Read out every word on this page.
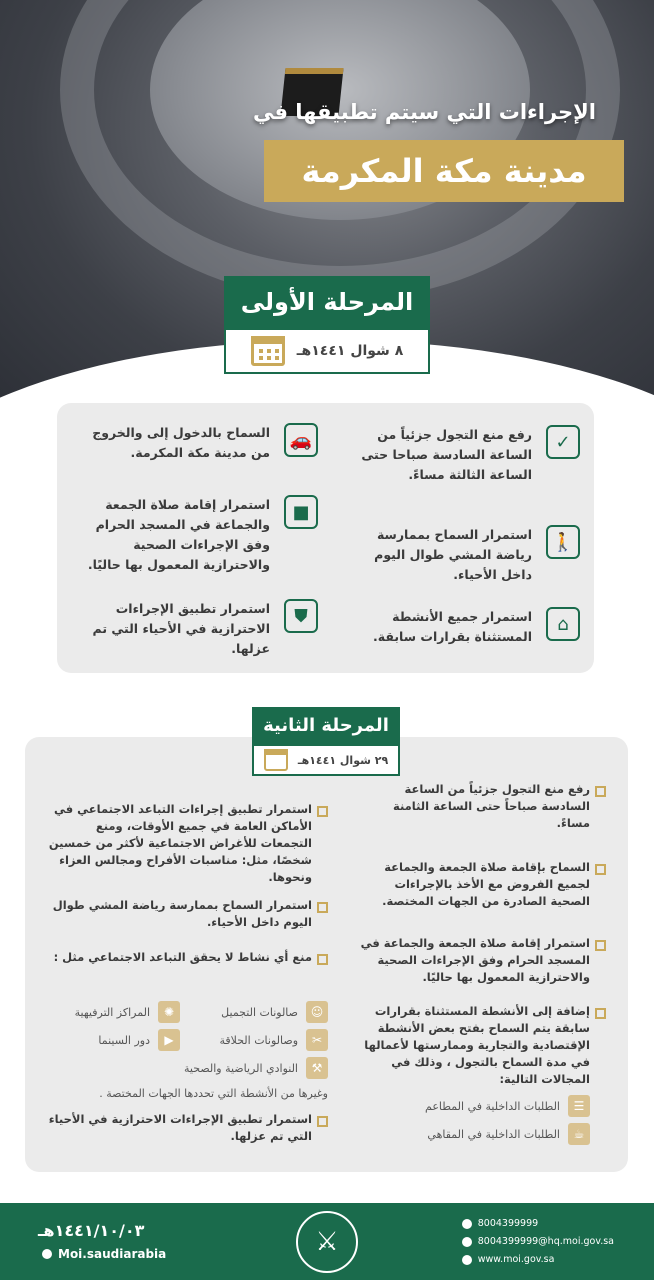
الإجراءات التي سيتم تطبيقها في
مدينة مكة المكرمة
المرحلة الأولى
٨ شوال ١٤٤١هـ
✓
رفع منع التجول جزئياً من الساعة السادسة صباحا حتى الساعة الثالثة مساءً.
🚗
السماح بالدخول إلى والخروج من مدينة مكة المكرمة.
🚶
استمرار السماح بممارسة رياضة المشي طوال اليوم داخل الأحياء.
■
استمرار إقامة صلاة الجمعة والجماعة في المسجد الحرام وفق الإجراءات الصحية والاحترازية المعمول بها حاليًا.
⌂
استمرار جميع الأنشطة المستثناة بقرارات سابقة.
⛊
استمرار تطبيق الإجراءات الاحترازية في الأحياء التي تم عزلها.
رفع منع التجول جزئياً من الساعة السادسة صباحاً حتى الساعة الثامنة مساءً.
السماح بإقامة صلاة الجمعة والجماعة لجميع الفروض مع الأخذ بالإجراءات الصحية الصادرة من الجهات المختصة.
استمرار إقامة صلاة الجمعة والجماعة في المسجد الحرام وفق الإجراءات الصحية والاحترازية المعمول بها حاليًا.
إضافة إلى الأنشطة المستثناة بقرارات سابقة يتم السماح بفتح بعض الأنشطة الإقتصادية والتجارية وممارستها لأعمالها في مدة السماح بالتجول ، وذلك في المجالات التالية:
☰
الطلبات الداخلية في المطاعم
☕
الطلبات الداخلية في المقاهي
استمرار تطبيق إجراءات التباعد الاجتماعي في الأماكن العامة في جميع الأوقات، ومنع التجمعات للأغراض الاجتماعية لأكثر من خمسين شخصًا، مثل: مناسبات الأفراح ومجالس العزاء ونحوها.
استمرار السماح بممارسة رياضة المشي طوال اليوم داخل الأحياء.
منع أي نشاط لا يحقق التباعد الاجتماعي مثل :
☺
صالونات التجميل
✺
المراكز الترفيهية
✂
وصالونات الحلاقة
▶
دور السينما
⚒
النوادي الرياضية والصحية
وغيرها من الأنشطة التي تحددها الجهات المختصة .
استمرار تطبيق الإجراءات الاحترازية في الأحياء التي تم عزلها.
المرحلة الثانية
٢٩ شوال ١٤٤١هـ
١٤٤١/١٠/٠٣هـ
Moi.saudiarabia	⚔
8004399999
8004399999@hq.moi.gov.sa
www.moi.gov.sa
